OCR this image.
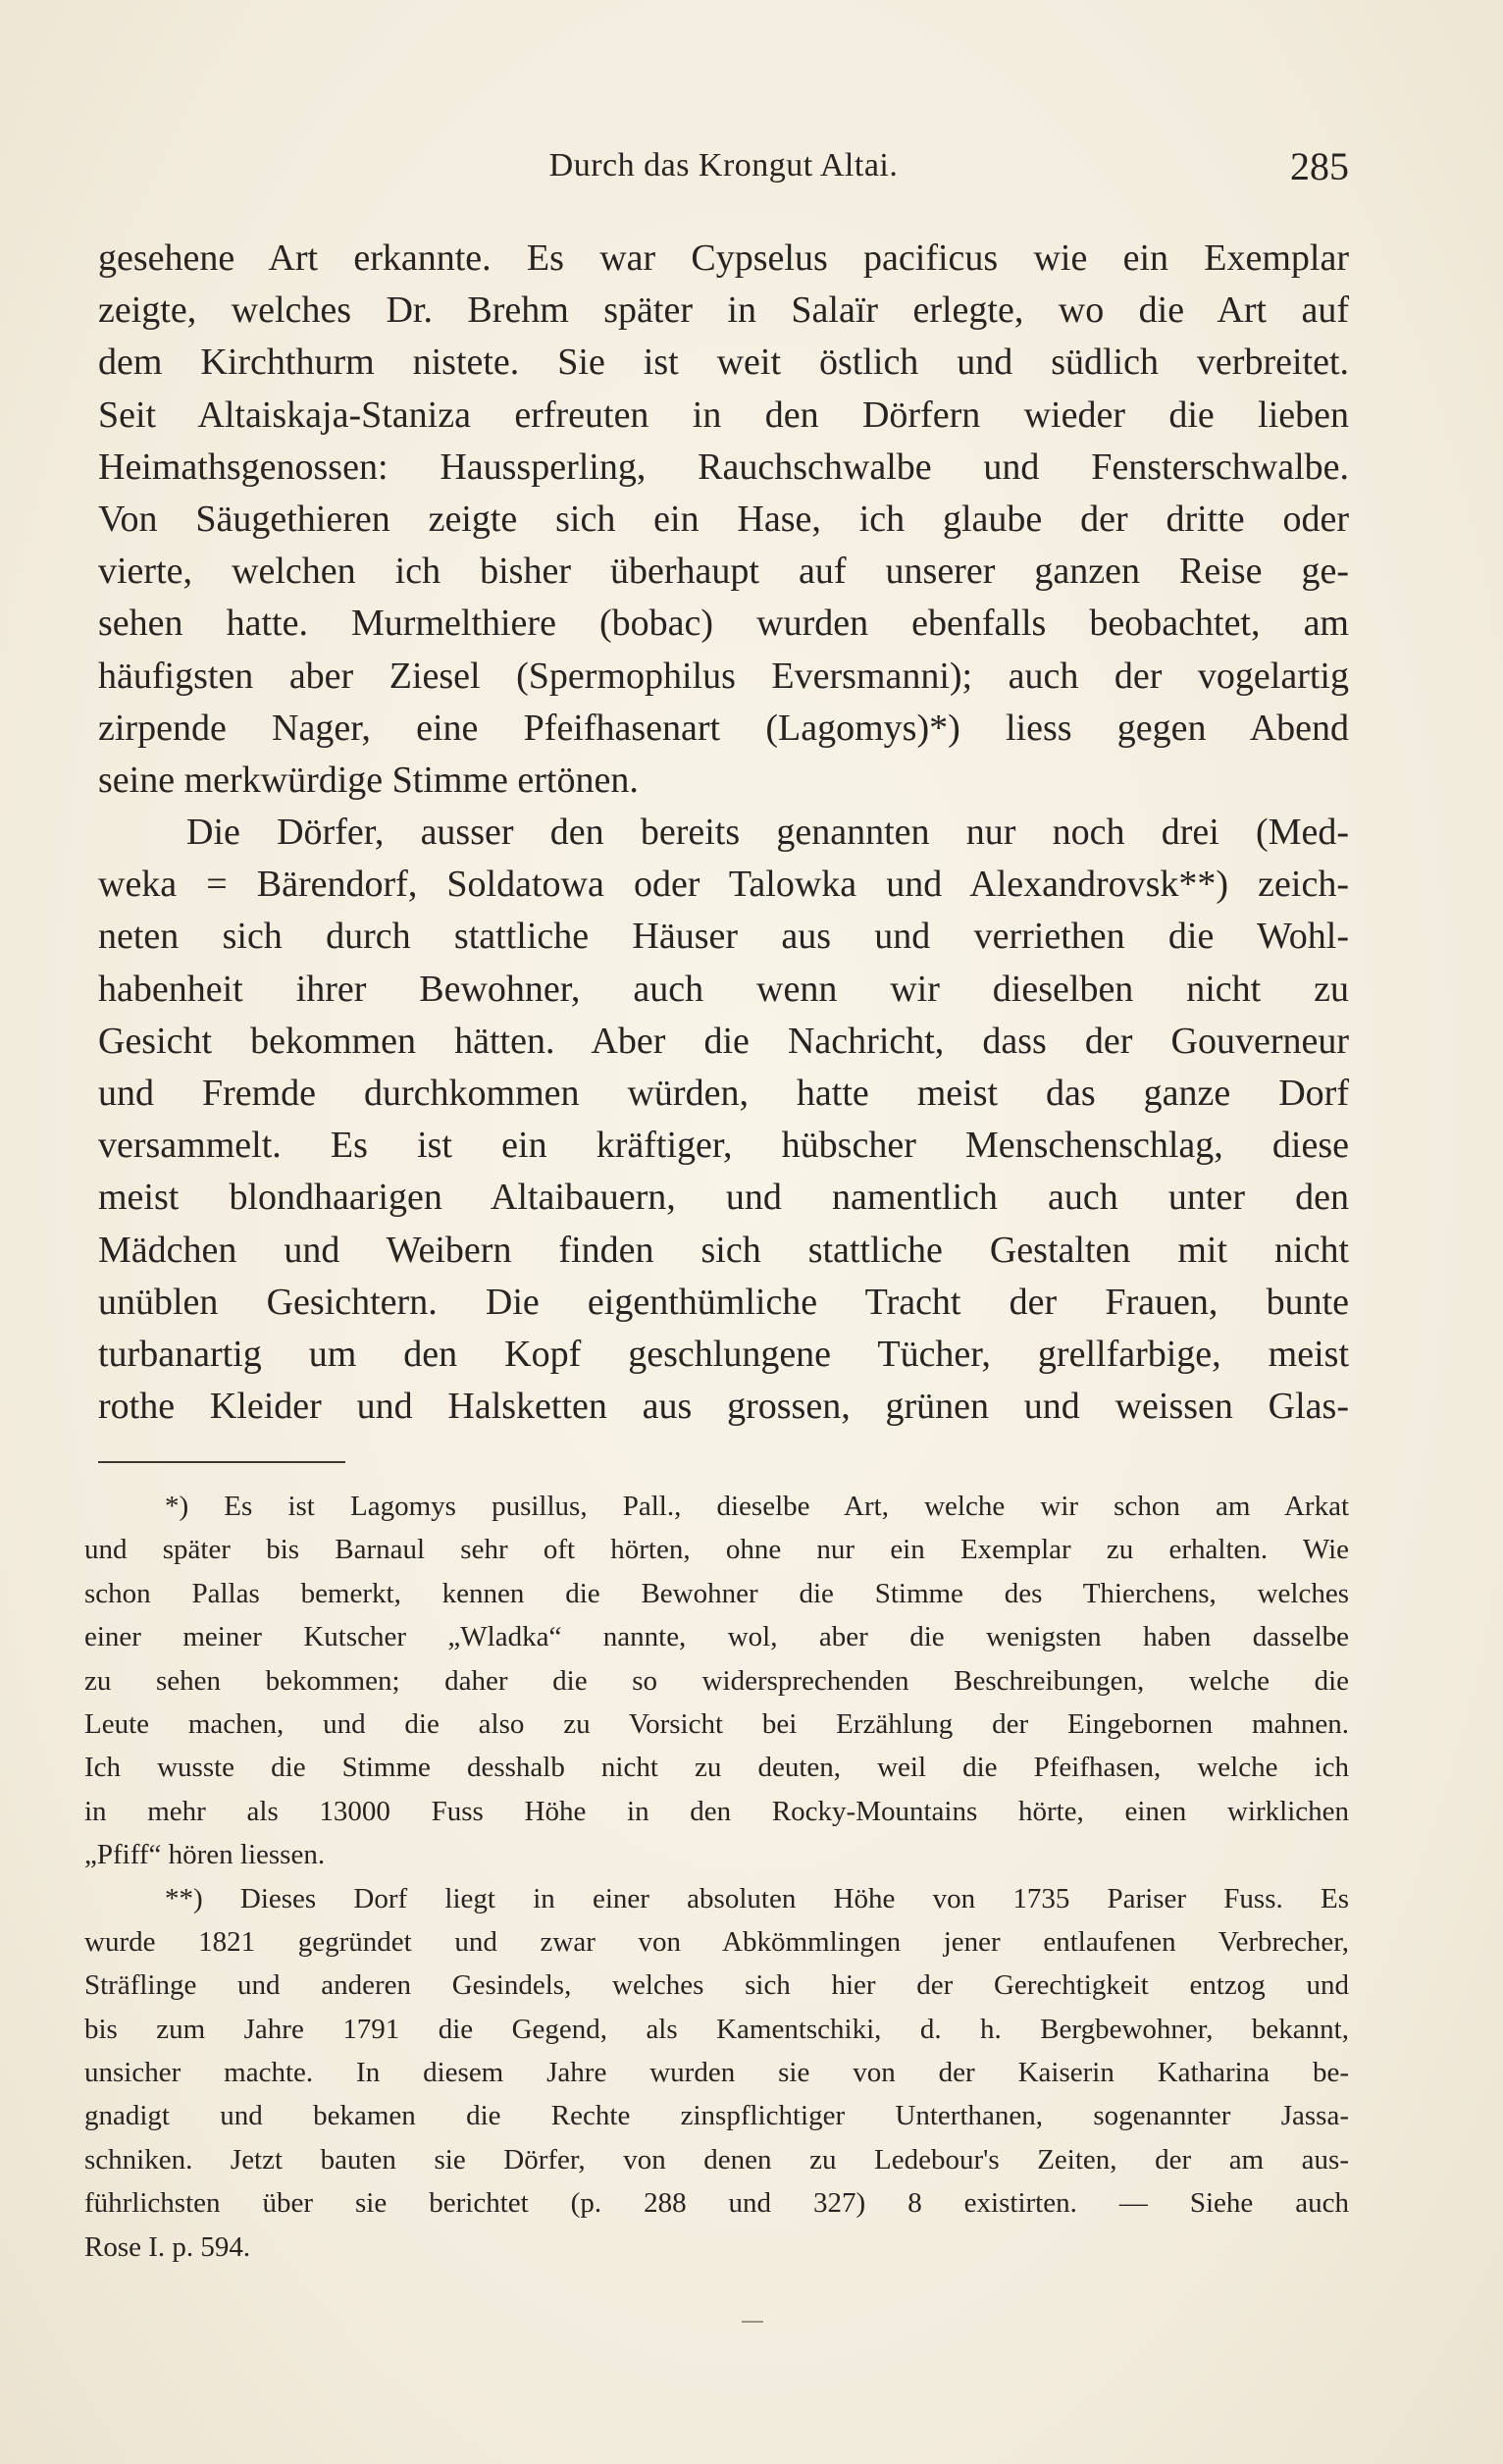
Durch das Krongut Altai.	285
gesehene Art erkannte. Es war Cypselus pacificus wie ein Exemplar
zeigte, welches Dr. Brehm später in Salaïr erlegte, wo die Art auf
dem Kirchthurm nistete. Sie ist weit östlich und südlich verbreitet.
Seit Altaiskaja-Staniza erfreuten in den Dörfern wieder die lieben
Heimathsgenossen: Haussperling, Rauchschwalbe und Fensterschwalbe.
Von Säugethieren zeigte sich ein Hase, ich glaube der dritte oder
vierte, welchen ich bisher überhaupt auf unserer ganzen Reise ge-
sehen hatte. Murmelthiere (bobac) wurden ebenfalls beobachtet, am
häufigsten aber Ziesel (Spermophilus Eversmanni); auch der vogelartig
zirpende Nager, eine Pfeifhasenart (Lagomys)*) liess gegen Abend
seine merkwürdige Stimme ertönen.
Die Dörfer, ausser den bereits genannten nur noch drei (Med-
weka = Bärendorf, Soldatowa oder Talowka und Alexandrovsk**) zeich-
neten sich durch stattliche Häuser aus und verriethen die Wohl-
habenheit ihrer Bewohner, auch wenn wir dieselben nicht zu
Gesicht bekommen hätten. Aber die Nachricht, dass der Gouverneur
und Fremde durchkommen würden, hatte meist das ganze Dorf
versammelt. Es ist ein kräftiger, hübscher Menschenschlag, diese
meist blondhaarigen Altaibauern, und namentlich auch unter den
Mädchen und Weibern finden sich stattliche Gestalten mit nicht
unüblen Gesichtern. Die eigenthümliche Tracht der Frauen, bunte
turbanartig um den Kopf geschlungene Tücher, grellfarbige, meist
rothe Kleider und Halsketten aus grossen, grünen und weissen Glas-
*) Es ist Lagomys pusillus, Pall., dieselbe Art, welche wir schon am Arkat
und später bis Barnaul sehr oft hörten, ohne nur ein Exemplar zu erhalten. Wie
schon Pallas bemerkt, kennen die Bewohner die Stimme des Thierchens, welches
einer meiner Kutscher „Wladka“ nannte, wol, aber die wenigsten haben dasselbe
zu sehen bekommen; daher die so widersprechenden Beschreibungen, welche die
Leute machen, und die also zu Vorsicht bei Erzählung der Eingebornen mahnen.
Ich wusste die Stimme desshalb nicht zu deuten, weil die Pfeifhasen, welche ich
in mehr als 13000 Fuss Höhe in den Rocky-Mountains hörte, einen wirklichen
„Pfiff“ hören liessen.
**) Dieses Dorf liegt in einer absoluten Höhe von 1735 Pariser Fuss. Es
wurde 1821 gegründet und zwar von Abkömmlingen jener entlaufenen Verbrecher,
Sträflinge und anderen Gesindels, welches sich hier der Gerechtigkeit entzog und
bis zum Jahre 1791 die Gegend, als Kamentschiki, d. h. Bergbewohner, bekannt,
unsicher machte. In diesem Jahre wurden sie von der Kaiserin Katharina be-
gnadigt und bekamen die Rechte zinspflichtiger Unterthanen, sogenannter Jassa-
schniken. Jetzt bauten sie Dörfer, von denen zu Ledebour's Zeiten, der am aus-
führlichsten über sie berichtet (p. 288 und 327) 8 existirten. — Siehe auch
Rose I. p. 594.
